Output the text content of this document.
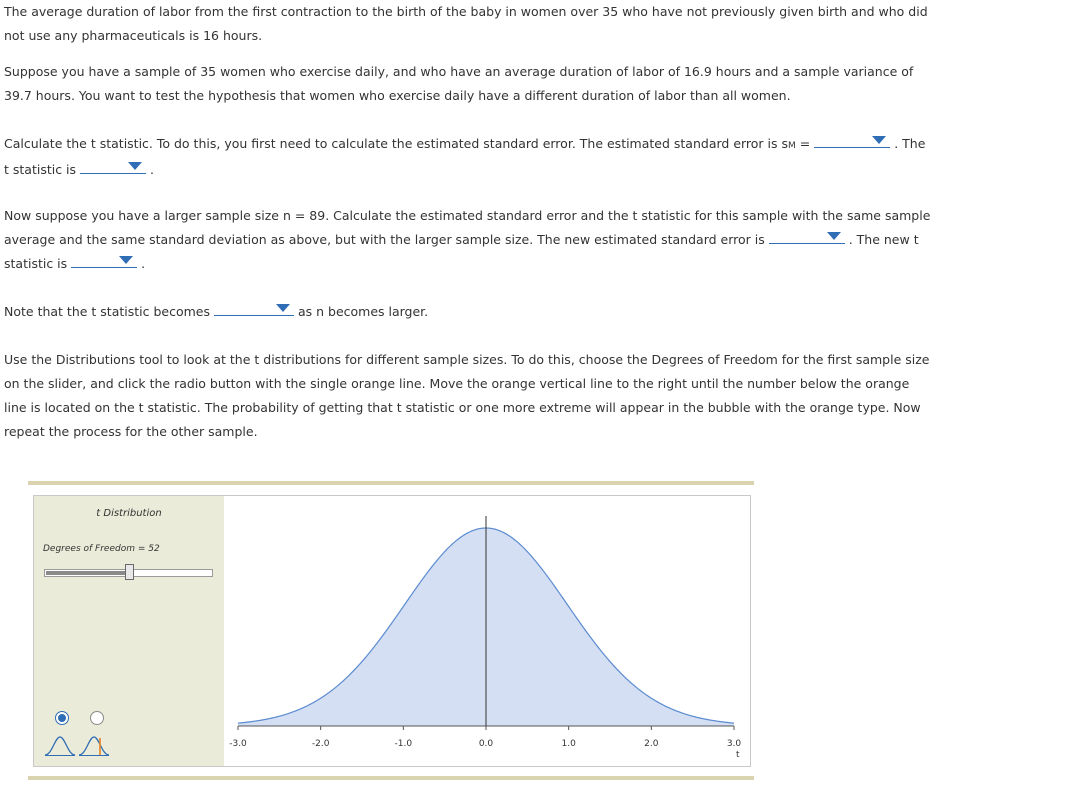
The average duration of labor from the first contraction to the birth of the baby in women over 35 who have not previously given birth and who did not use any pharmaceuticals is 16 hours.
Suppose you have a sample of 35 women who exercise daily, and who have an average duration of labor of 16.9 hours and a sample variance of 39.7 hours. You want to test the hypothesis that women who exercise daily have a different duration of labor than all women.
Calculate the t statistic. To do this, you first need to calculate the estimated standard error. The estimated standard error is sM =	. The t statistic is	.
Now suppose you have a larger sample size n = 89. Calculate the estimated standard error and the t statistic for this sample with the same sample average and the same standard deviation as above, but with the larger sample size. The new estimated standard error is	. The new t statistic is	.
Note that the t statistic becomes	as n becomes larger.
Use the Distributions tool to look at the t distributions for different sample sizes. To do this, choose the Degrees of Freedom for the first sample size on the slider, and click the radio button with the single orange line. Move the orange vertical line to the right until the number below the orange line is located on the t statistic. The probability of getting that t statistic or one more extreme will appear in the bubble with the orange type. Now repeat the process for the other sample.
t Distribution
Degrees of Freedom = 52
-3.0	-2.0	-1.0	0.0	1.0	2.0	3.0
t
